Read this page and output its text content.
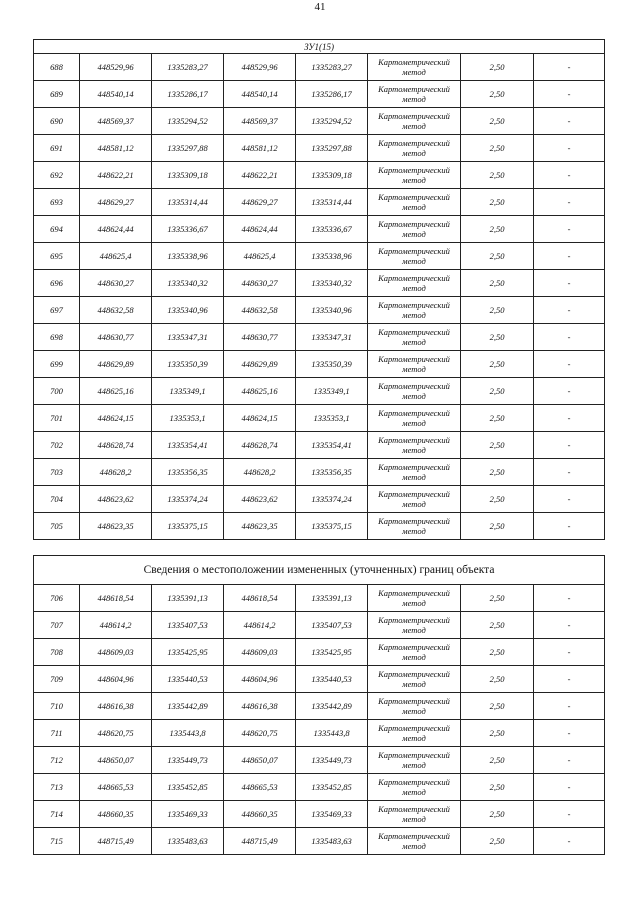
41
ЗУ1(15)							
688	448529,96	1335283,27	448529,96	1335283,27	Картометрический метод	2,50	-
689	448540,14	1335286,17	448540,14	1335286,17	Картометрический метод	2,50	-
690	448569,37	1335294,52	448569,37	1335294,52	Картометрический метод	2,50	-
691	448581,12	1335297,88	448581,12	1335297,88	Картометрический метод	2,50	-
692	448622,21	1335309,18	448622,21	1335309,18	Картометрический метод	2,50	-
693	448629,27	1335314,44	448629,27	1335314,44	Картометрический метод	2,50	-
694	448624,44	1335336,67	448624,44	1335336,67	Картометрический метод	2,50	-
695	448625,4	1335338,96	448625,4	1335338,96	Картометрический метод	2,50	-
696	448630,27	1335340,32	448630,27	1335340,32	Картометрический метод	2,50	-
697	448632,58	1335340,96	448632,58	1335340,96	Картометрический метод	2,50	-
698	448630,77	1335347,31	448630,77	1335347,31	Картометрический метод	2,50	-
699	448629,89	1335350,39	448629,89	1335350,39	Картометрический метод	2,50	-
700	448625,16	1335349,1	448625,16	1335349,1	Картометрический метод	2,50	-
701	448624,15	1335353,1	448624,15	1335353,1	Картометрический метод	2,50	-
702	448628,74	1335354,41	448628,74	1335354,41	Картометрический метод	2,50	-
703	448628,2	1335356,35	448628,2	1335356,35	Картометрический метод	2,50	-
704	448623,62	1335374,24	448623,62	1335374,24	Картометрический метод	2,50	-
705	448623,35	1335375,15	448623,35	1335375,15	Картометрический метод	2,50	-
Сведения о местоположении измененных (уточненных) границ объекта							
706	448618,54	1335391,13	448618,54	1335391,13	Картометрический метод	2,50	-
707	448614,2	1335407,53	448614,2	1335407,53	Картометрический метод	2,50	-
708	448609,03	1335425,95	448609,03	1335425,95	Картометрический метод	2,50	-
709	448604,96	1335440,53	448604,96	1335440,53	Картометрический метод	2,50	-
710	448616,38	1335442,89	448616,38	1335442,89	Картометрический метод	2,50	-
711	448620,75	1335443,8	448620,75	1335443,8	Картометрический метод	2,50	-
712	448650,07	1335449,73	448650,07	1335449,73	Картометрический метод	2,50	-
713	448665,53	1335452,85	448665,53	1335452,85	Картометрический метод	2,50	-
714	448660,35	1335469,33	448660,35	1335469,33	Картометрический метод	2,50	-
715	448715,49	1335483,63	448715,49	1335483,63	Картометрический метод	2,50	-
